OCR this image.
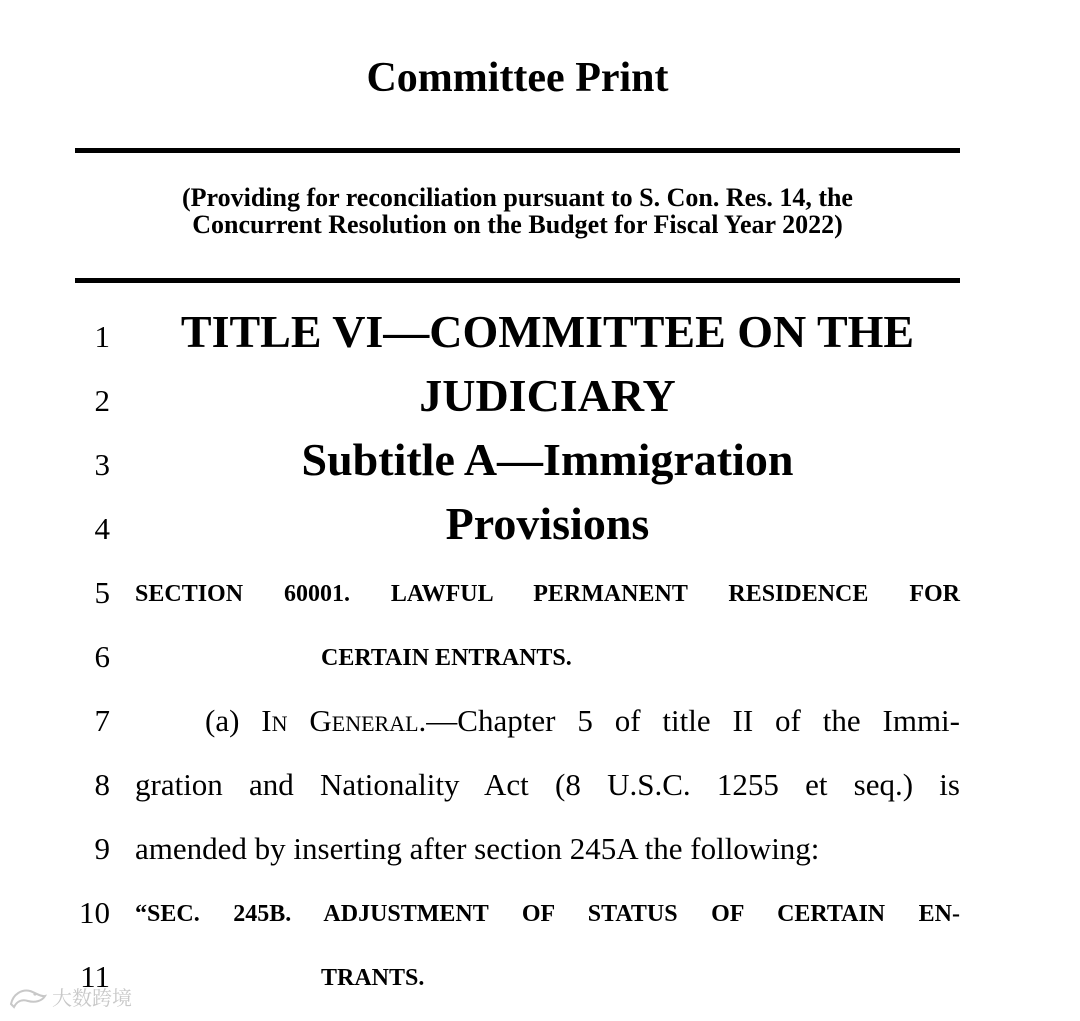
Committee Print
(Providing for reconciliation pursuant to S. Con. Res. 14, the
Concurrent Resolution on the Budget for Fiscal Year 2022)
1
2
3
4
5
6
7
8
9
10
11
TITLE VI—COMMITTEE ON THE
JUDICIARY
Subtitle A—Immigration
Provisions
SECTION 60001. LAWFUL PERMANENT RESIDENCE FOR
CERTAIN ENTRANTS.
(a) In General.—Chapter 5 of title II of the Immi-
gration and Nationality Act (8 U.S.C. 1255 et seq.) is
amended by inserting after section 245A the following:
“SEC. 245B. ADJUSTMENT OF STATUS OF CERTAIN EN-
TRANTS.
大数跨境
